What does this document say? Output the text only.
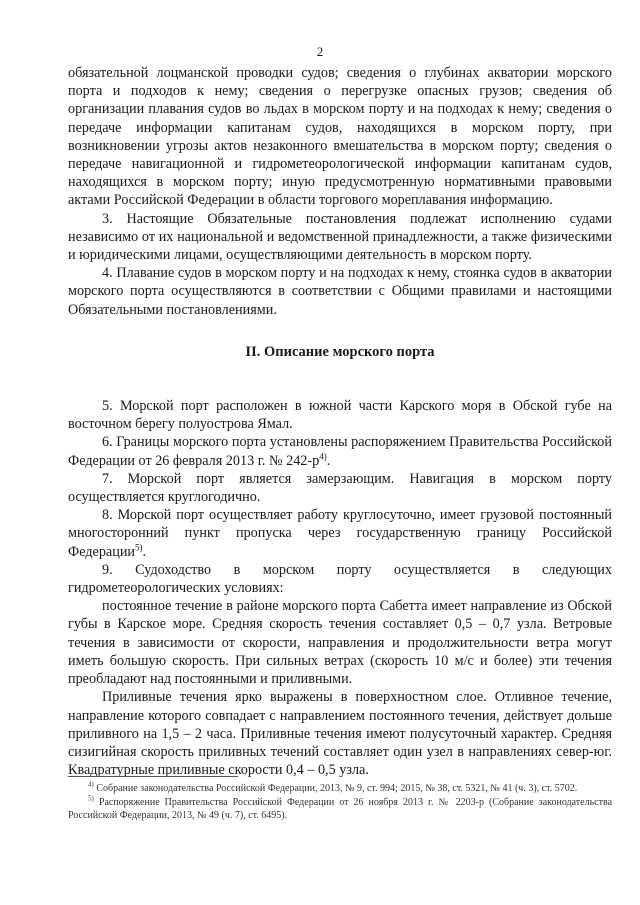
2

обязательной лоцманской проводки судов; сведения о глубинах акватории морского порта и подходов к нему; сведения о перегрузке опасных грузов; сведения об организации плавания судов во льдах в морском порту и на подходах к нему; сведения о передаче информации капитанам судов, находящихся в морском порту, при возникновении угрозы актов незаконного вмешательства в морском порту; сведения о передаче навигационной и гидрометеорологической информации капитанам судов, находящихся в морском порту; иную предусмотренную нормативными правовыми актами Российской Федерации в области торгового мореплавания информацию.

3. Настоящие Обязательные постановления подлежат исполнению судами независимо от их национальной и ведомственной принадлежности, а также физическими и юридическими лицами, осуществляющими деятельность в морском порту.

4. Плавание судов в морском порту и на подходах к нему, стоянка судов в акватории морского порта осуществляются в соответствии с Общими правилами и настоящими Обязательными постановлениями.

II. Описание морского порта

5. Морской порт расположен в южной части Карского моря в Обской губе на восточном берегу полуострова Ямал.

6. Границы морского порта установлены распоряжением Правительства Российской Федерации от 26 февраля 2013 г. № 242-р$^{4)}$.

7. Морской порт является замерзающим. Навигация в морском порту осуществляется круглогодично.

8. Морской порт осуществляет работу круглосуточно, имеет грузовой постоянный многосторонний пункт пропуска через государственную границу Российской Федерации$^{5)}$.

9. Судоходство в морском порту осуществляется в следующих гидрометеорологических условиях:

постоянное течение в районе морского порта Сабетта имеет направление из Обской губы в Карское море. Средняя скорость течения составляет 0,5 – 0,7 узла. Ветровые течения в зависимости от скорости, направления и продолжительности ветра могут иметь большую скорость. При сильных ветрах (скорость 10 м/с и более) эти течения преобладают над постоянными и приливными.

Приливные течения ярко выражены в поверхностном слое. Отливное течение, направление которого совпадает с направлением постоянного течения, действует дольше приливного на 1,5 – 2 часа. Приливные течения имеют полусуточный характер. Средняя сизигийная скорость приливных течений составляет один узел в направлениях север-юг. Квадратурные приливные скорости 0,4 – 0,5 узла.

$^{4)}$ Собрание законодательства Российской Федерации, 2013, № 9, ст. 994; 2015, № 38, ст. 5321, № 41 (ч. 3), ст. 5702.

$^{5)}$ Распоряжение Правительства Российской Федерации от 26 ноября 2013 г. № 2203-р (Собрание законодательства Российской Федерации, 2013, № 49 (ч. 7), ст. 6495).
